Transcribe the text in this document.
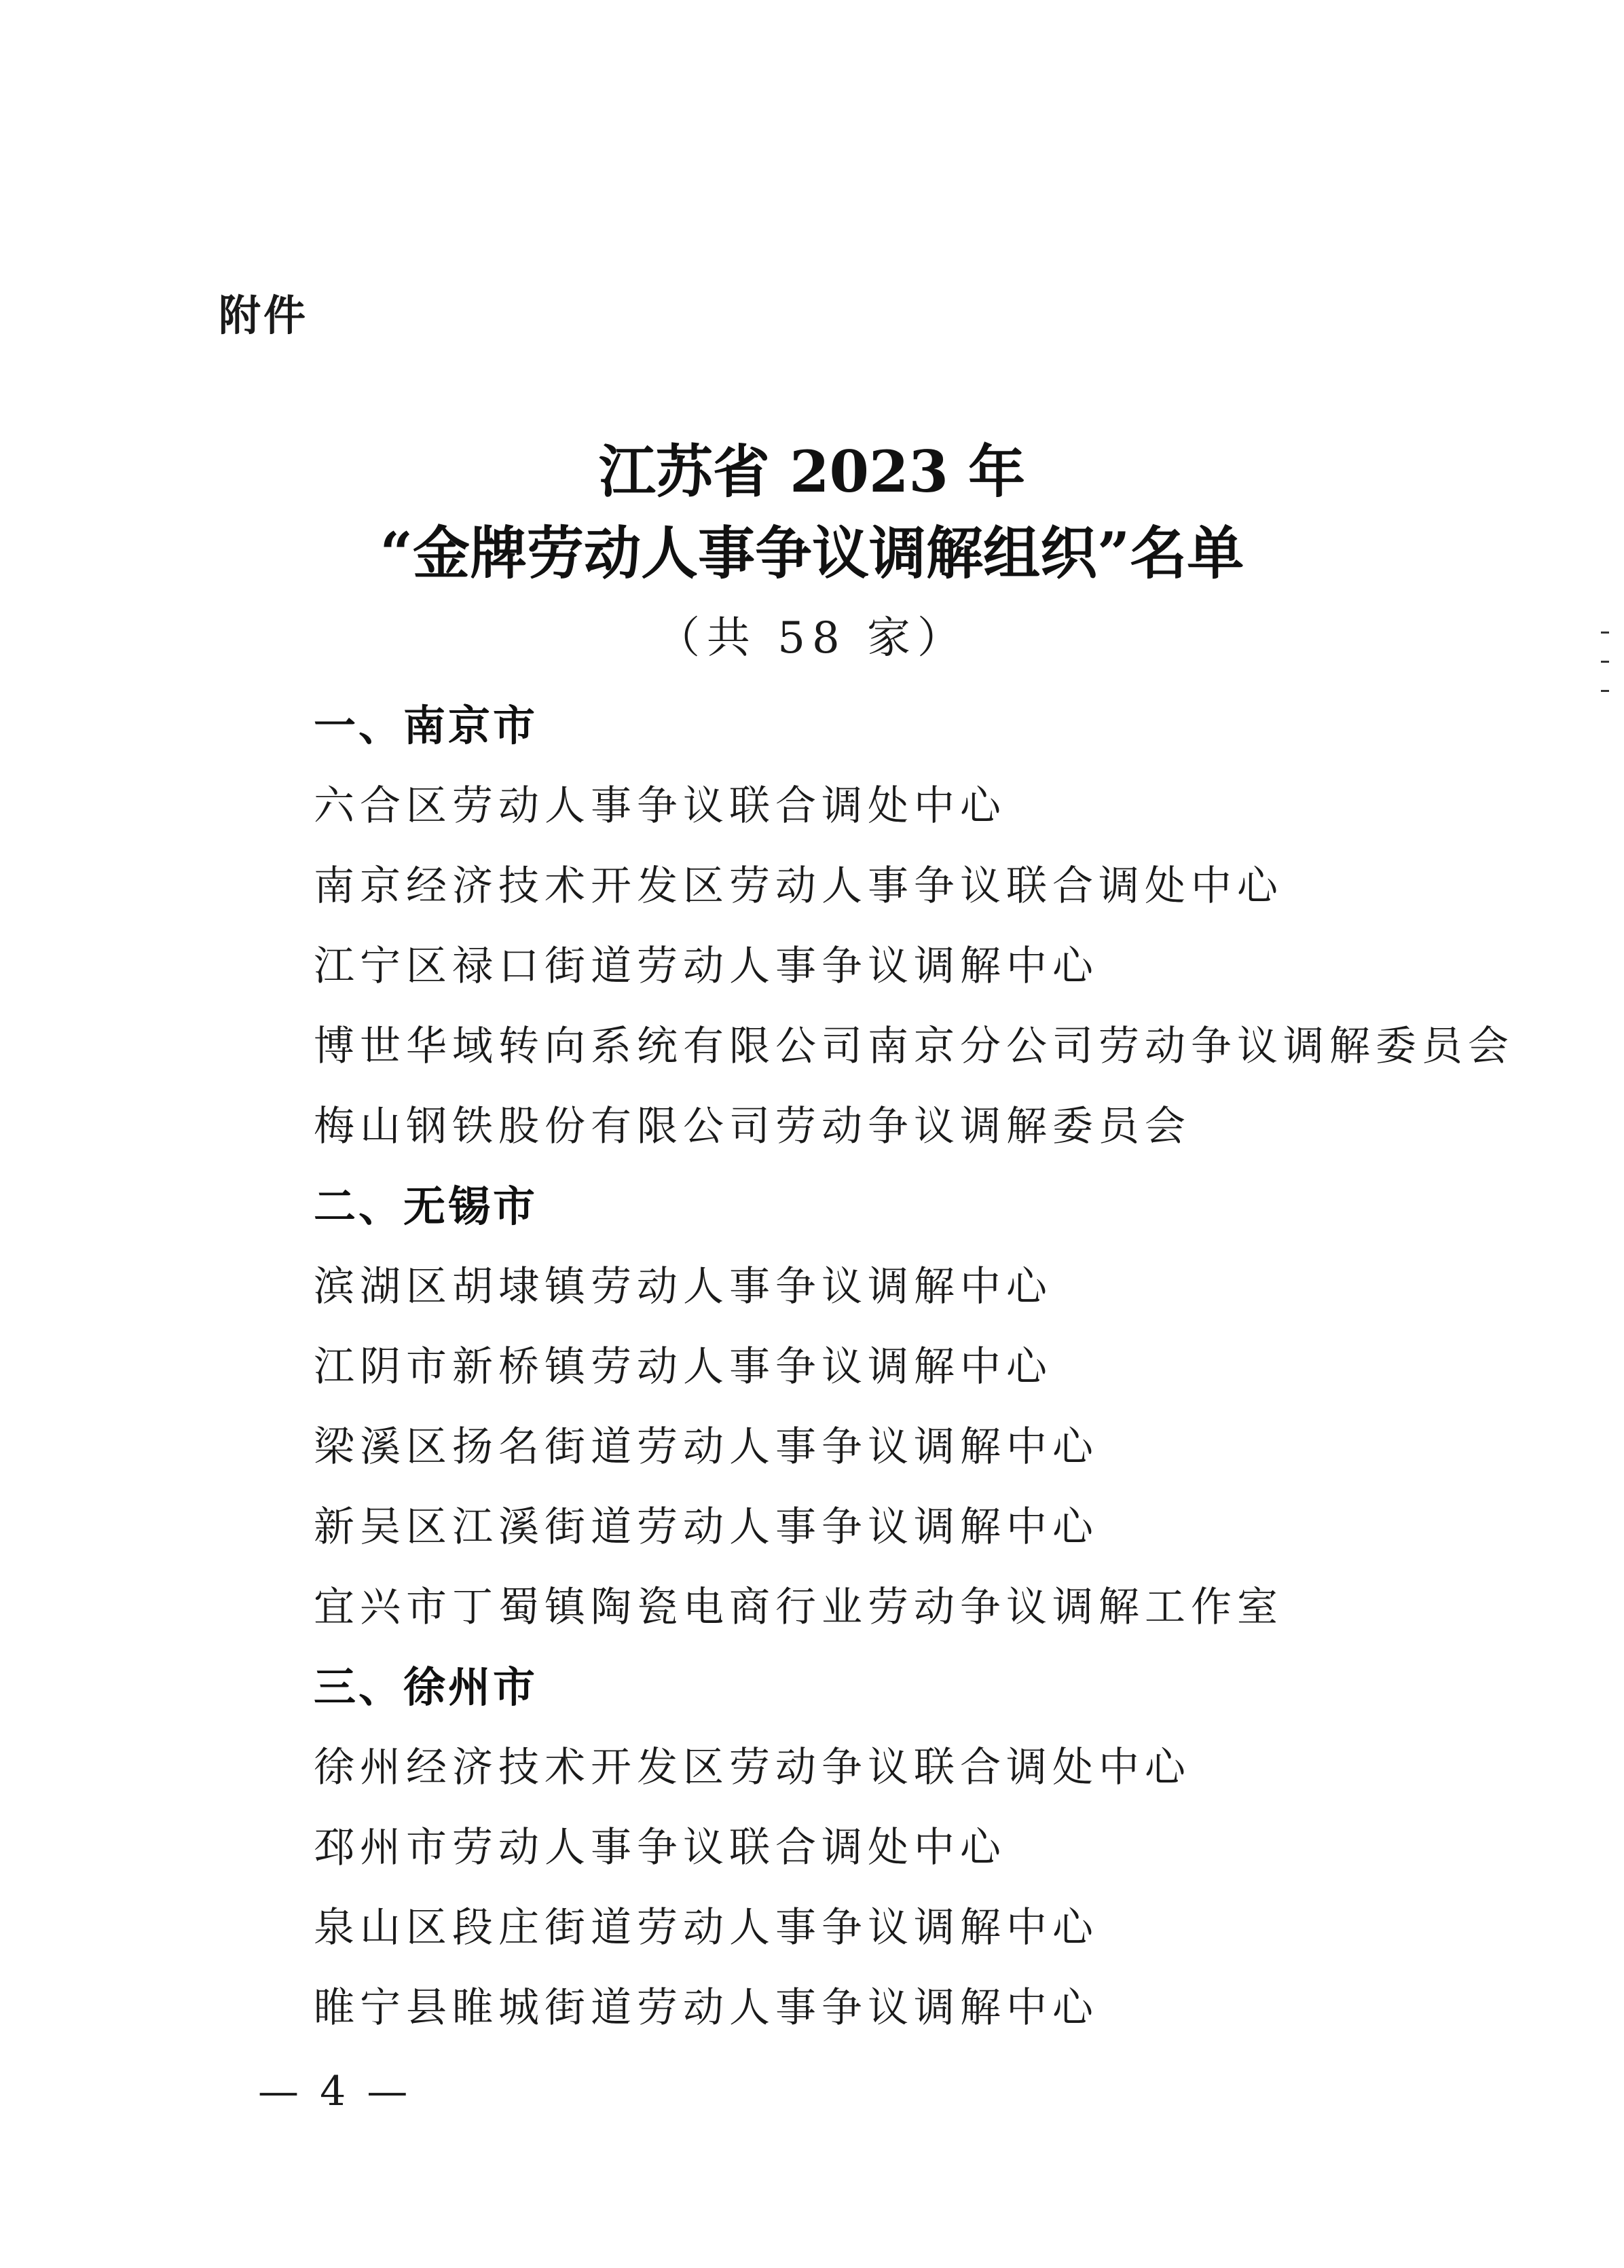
附件
江苏省 2023 年
“金牌劳动人事争议调解组织”名单
（共 58 家）
一、南京市
六合区劳动人事争议联合调处中心
南京经济技术开发区劳动人事争议联合调处中心
江宁区禄口街道劳动人事争议调解中心
博世华域转向系统有限公司南京分公司劳动争议调解委员会
梅山钢铁股份有限公司劳动争议调解委员会
二、无锡市
滨湖区胡埭镇劳动人事争议调解中心
江阴市新桥镇劳动人事争议调解中心
梁溪区扬名街道劳动人事争议调解中心
新吴区江溪街道劳动人事争议调解中心
宜兴市丁蜀镇陶瓷电商行业劳动争议调解工作室
三、徐州市
徐州经济技术开发区劳动争议联合调处中心
邳州市劳动人事争议联合调处中心
泉山区段庄街道劳动人事争议调解中心
睢宁县睢城街道劳动人事争议调解中心
— 4 —
